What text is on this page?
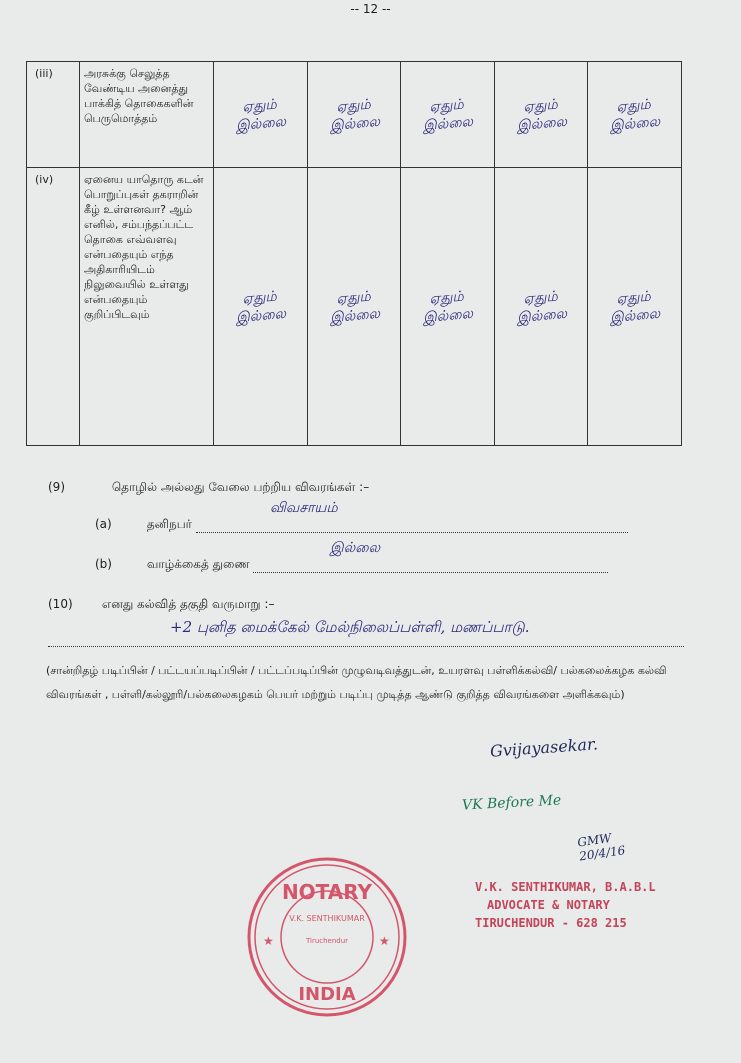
-- 12 --
(iii)	அரசுக்கு செலுத்த வேண்டிய அனைத்து பாக்கித் தொகைகளின் பெருமொத்தம்	ஏதும் இல்லை	ஏதும் இல்லை	ஏதும் இல்லை	ஏதும் இல்லை	ஏதும் இல்லை
(iv)	ஏனைய யாதொரு கடன் பொறுப்புகள் தகராறின் கீழ் உள்ளனவா? ஆம் எனில், சம்பந்தப்பட்ட தொகை எவ்வளவு என்பதையும் எந்த அதிகாரியிடம் நிலுவையில் உள்ளது என்பதையும் குறிப்பிடவும்	ஏதும் இல்லை	ஏதும் இல்லை	ஏதும் இல்லை	ஏதும் இல்லை	ஏதும் இல்லை
(9)	தொழில் அல்லது வேலை பற்றிய விவரங்கள் :–
(a)	தனிநபர்
விவசாயம்
(b)	வாழ்க்கைத் துணை
இல்லை
(10) எனது கல்வித் தகுதி வருமாறு :–
+2 புனித மைக்கேல் மேல்நிலைப்பள்ளி, மணப்பாடு.
(சான்றிதழ் படிப்பின் / பட்டயப்படிப்பின் / பட்டப்படிப்பின் முழுவடிவத்துடன், உயரளவு பள்ளிக்கல்வி/ பல்கலைக்கழக கல்வி விவரங்கள் , பள்ளி/கல்லூரி/பல்கலைகழகம் பெயர் மற்றும் படிப்பு முடித்த ஆண்டு குறித்த விவரங்களை அளிக்கவும்)
Gvijayasekar.
VK Before Me
GMW 20/4/16
NOTARY
INDIA
V.K. SENTHIKUMAR
Tiruchendur
★	★
V.K. SENTHIKUMAR, B.A.B.L
ADVOCATE & NOTARY
TIRUCHENDUR - 628 215
